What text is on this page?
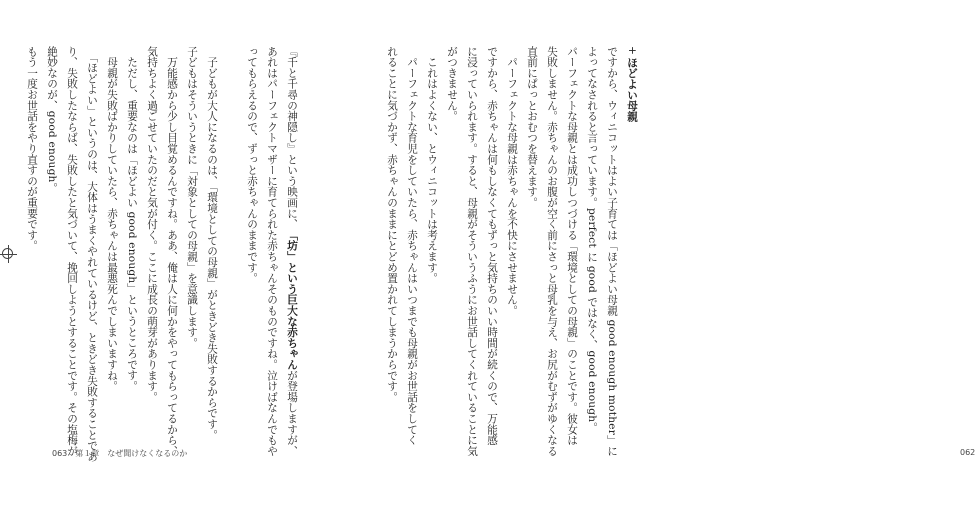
『千と千尋の神隠し』という映画に、「坊」という巨大な赤ちゃんが登場しますが、

あれはパーフェクトマザーに育てられた赤ちゃんそのものですね。泣けばなんでもや

ってもらえるので、ずっと赤ちゃんのままです。

　子どもが大人になるのは、「環境としての母親」がときどき失敗するからです。

子どもはそういうときに「対象としての母親」を意識します。

　万能感から少し目覚めるんですね。ああ、俺は人に何かをやってもらってるから、

気持ちよく過ごせていたのだと気が付く。ここに成長の萌芽があります。

　ただし、重要なのは「ほどよい good enough」というところです。

　母親が失敗ばかりしていたら、赤ちゃんは最悪死んでしまいますね。

　「ほどよい」というのは、大体はうまくやれているけど、ときどき失敗することであ

り、失敗したならば、失敗したと気づいて、挽回しようとすることです。その塩梅が

絶妙なのが、good enough。

もう一度お世話をやり直すのが重要です。

063 第１章　なぜ聞けなくなるのか

+ほどよい母親

ですから、ウィニコットはよい子育ては「ほどよい母親 good enough mother」に

よってなされると言っています。perfect に good ではなく、good enough。

パーフェクトな母親とは成功しつづける「環境としての母親」のことです。彼女は

失敗しません。赤ちゃんのお腹が空く前にさっと母乳を与え、お尻がむずがゆくなる

直前にぱっとおむつを替えます。

　パーフェクトな母親は赤ちゃんを不快にさせません。

ですから、赤ちゃんは何もしなくてもずっと気持ちのいい時間が続くので、万能感

に浸っていられます。すると、母親がそういうふうにお世話してくれていることに気

がつきません。

　これはよくない、とウィニコットは考えます。

　パーフェクトな育児をしていたら、赤ちゃんはいつまでも母親がお世話をしてく

れることに気づかず、赤ちゃんのままにとどめ置かれてしまうからです。

062
